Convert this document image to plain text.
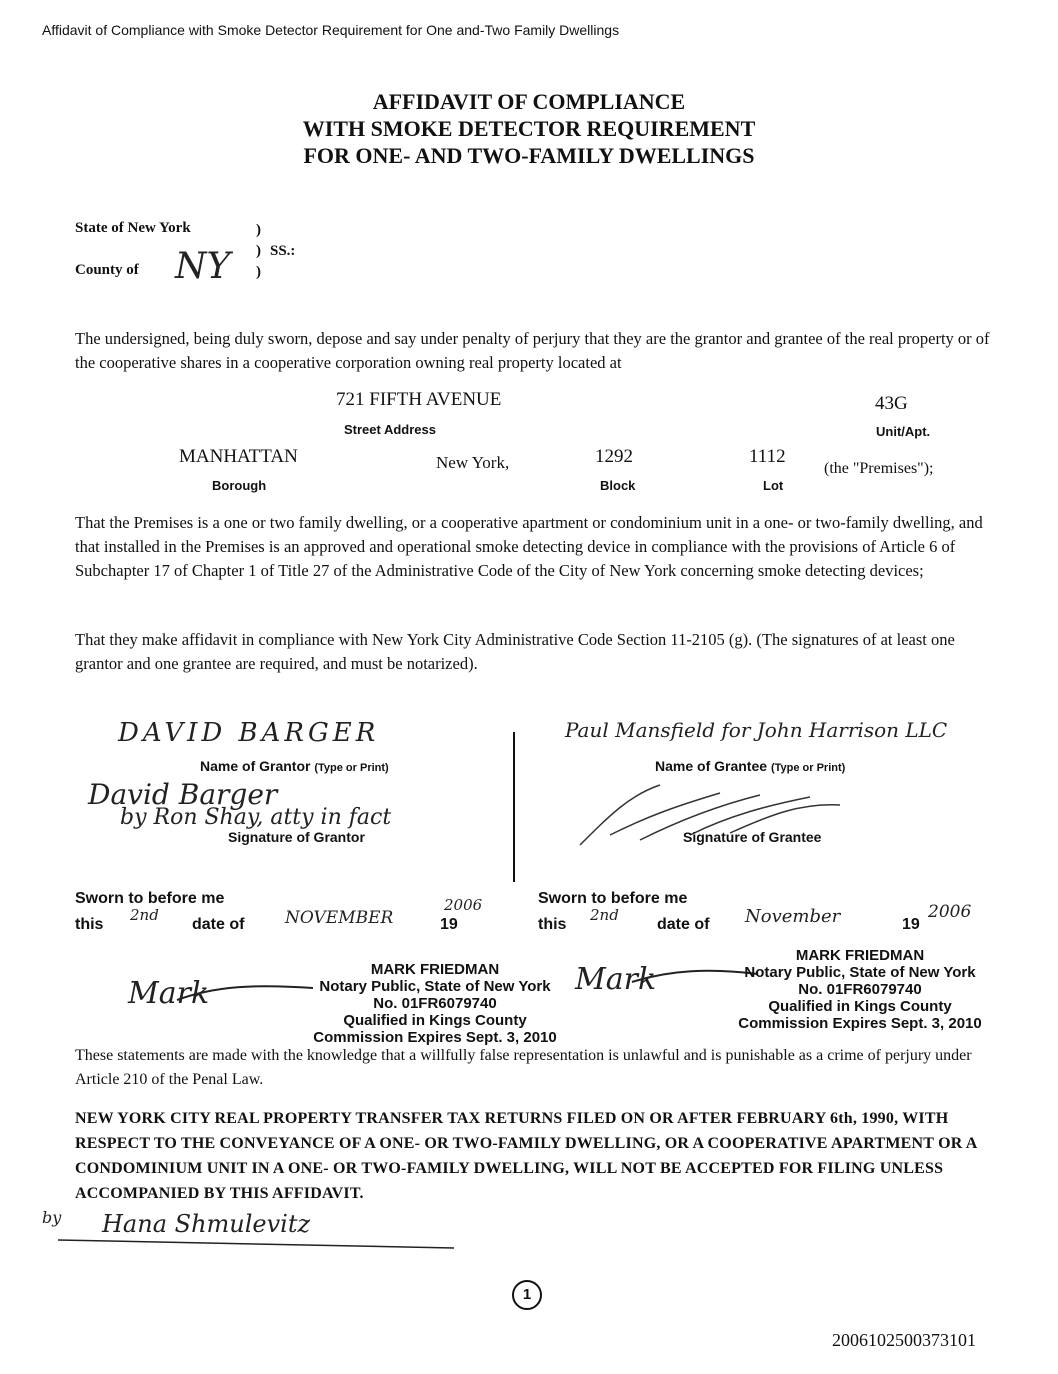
Affidavit of Compliance with Smoke Detector Requirement for One and-Two Family Dwellings
AFFIDAVIT OF COMPLIANCE
WITH SMOKE DETECTOR REQUIREMENT
FOR ONE- AND TWO-FAMILY DWELLINGS
State of New York
County of NY
)
) SS.:
)
The undersigned, being duly sworn, depose and say under penalty of perjury that they are the grantor and grantee of the real property or of the cooperative shares in a cooperative corporation owning real property located at
721 FIFTH AVENUE
Street Address
43G
Unit/Apt.
MANHATTAN
Borough
New York,	1292
Block
1112
Lot
(the "Premises");
That the Premises is a one or two family dwelling, or a cooperative apartment or condominium unit in a one- or two-family dwelling, and that installed in the Premises is an approved and operational smoke detecting device in compliance with the provisions of Article 6 of Subchapter 17 of Chapter 1 of Title 27 of the Administrative Code of the City of New York concerning smoke detecting devices;
That they make affidavit in compliance with New York City Administrative Code Section 11-2105 (g). (The signatures of at least one grantor and one grantee are required, and must be notarized).
DAVID BARGER
Name of Grantor (Type or Print)
David Barger
by Ron Shay, atty in fact
Signature of Grantor
Sworn to before me
this
2nd
date of NOVEMBER	19
2006
Mark
MARK FRIEDMAN
Notary Public, State of New York
No. 01FR6079740
Qualified in Kings County
Commission Expires Sept. 3, 2010
Paul Mansfield for John Harrison LLC
Name of Grantee (Type or Print)
Signature of Grantee
Sworn to before me
this
2nd
date of November	19
2006
Mark
MARK FRIEDMAN
Notary Public, State of New York
No. 01FR6079740
Qualified in Kings County
Commission Expires Sept. 3, 2010
These statements are made with the knowledge that a willfully false representation is unlawful and is punishable as a crime of perjury under Article 210 of the Penal Law.
NEW YORK CITY REAL PROPERTY TRANSFER TAX RETURNS FILED ON OR AFTER FEBRUARY 6th, 1990, WITH RESPECT TO THE CONVEYANCE OF A ONE- OR TWO-FAMILY DWELLING, OR A COOPERATIVE APARTMENT OR A CONDOMINIUM UNIT IN A ONE- OR TWO-FAMILY DWELLING, WILL NOT BE ACCEPTED FOR FILING UNLESS ACCOMPANIED BY THIS AFFIDAVIT.
by Hana Shmulevitz
1
2006102500373101
